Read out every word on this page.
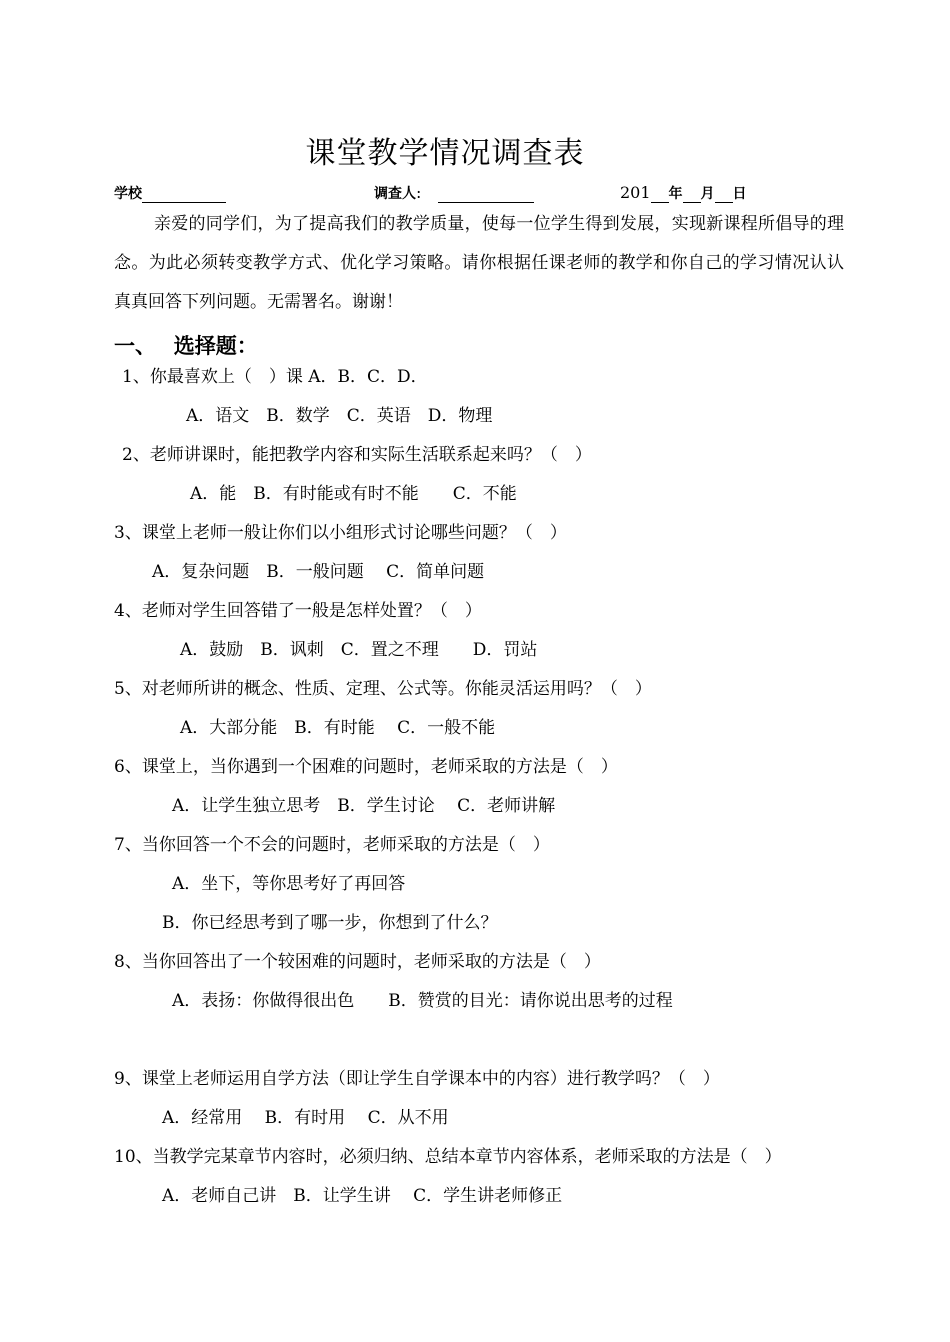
课堂教学情况调查表
学校	调查人:	201 年 月 日
亲爱的同学们，为了提高我们的教学质量，使每一位学生得到发展，实现新课程所倡导的理念。为此必须转变教学方式、优化学习策略。请你根据任课老师的教学和你自己的学习情况认认真真回答下列问题。无需署名。谢谢！
一、　 选择题：
1、你最喜欢上（　）课 A．B．C．D．
A．语文　B．数学　C．英语　D．物理
2、老师讲课时，能把教学内容和实际生活联系起来吗？（　）
A．能　B．有时能或有时不能　　C．不能
3、课堂上老师一般让你们以小组形式讨论哪些问题？（　）
A．复杂问题　B．一般问题　 C．简单问题
4、老师对学生回答错了一般是怎样处置？（　）
A．鼓励　B．讽刺　C．置之不理　　D．罚站
5、对老师所讲的概念、性质、定理、公式等。你能灵活运用吗？（　）
A．大部分能　B．有时能　 C．一般不能
6、课堂上，当你遇到一个困难的问题时，老师采取的方法是（　）
A．让学生独立思考　B．学生讨论　 C．老师讲解
7、当你回答一个不会的问题时，老师采取的方法是（　）
A．坐下，等你思考好了再回答
B．你已经思考到了哪一步，你想到了什么？
8、当你回答出了一个较困难的问题时，老师采取的方法是（　）
A．表扬：你做得很出色　　B．赞赏的目光：请你说出思考的过程
9、课堂上老师运用自学方法（即让学生自学课本中的内容）进行教学吗？（　）
A．经常用　 B．有时用　 C．从不用
10、当教学完某章节内容时，必须归纳、总结本章节内容体系，老师采取的方法是（　）
A．老师自己讲　B．让学生讲　 C．学生讲老师修正
